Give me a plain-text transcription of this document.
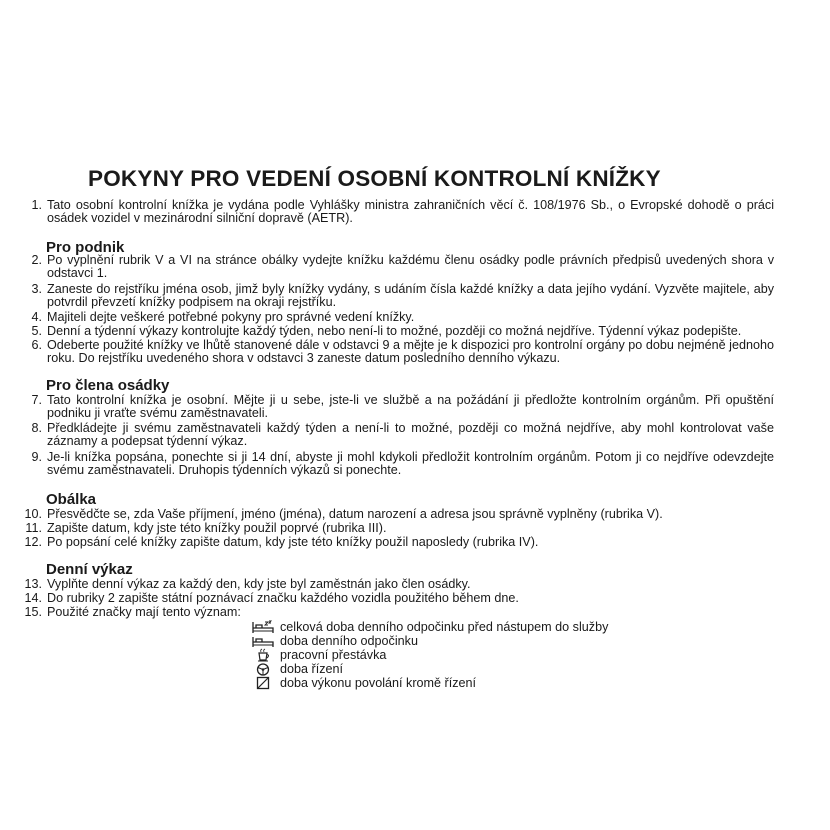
POKYNY PRO VEDENÍ OSOBNÍ KONTROLNÍ KNÍŽKY
1. Tato osobní kontrolní knížka je vydána podle Vyhlášky ministra zahraničních věcí č. 108/1976 Sb., o Evropské dohodě o práci osádek vozidel v mezinárodní silniční dopravě (AETR).
Pro podnik
2. Po vyplnění rubrik V a VI na stránce obálky vydejte knížku každému členu osádky podle právních předpisů uvedených shora v odstavci 1.
3. Zaneste do rejstříku jména osob, jimž byly knížky vydány, s udáním čísla každé knížky a data jejího vydání. Vyzvěte majitele, aby potvrdil převzetí knížky podpisem na okraji rejstříku.
4. Majiteli dejte veškeré potřebné pokyny pro správné vedení knížky.
5. Denní a týdenní výkazy kontrolujte každý týden, nebo není-li to možné, později co možná nejdříve. Týdenní výkaz podepište.
6. Odeberte použité knížky ve lhůtě stanovené dále v odstavci 9 a mějte je k dispozici pro kontrolní orgány po dobu nejméně jednoho roku. Do rejstříku uvedeného shora v odstavci 3 zaneste datum posledního denního výkazu.
Pro člena osádky
7. Tato kontrolní knížka je osobní. Mějte ji u sebe, jste-li ve službě a na požádání ji předložte kontrolním orgánům. Při opuštění podniku ji vraťte svému zaměstnavateli.
8. Předkládejte ji svému zaměstnavateli každý týden a není-li to možné, později co možná nejdříve, aby mohl kontrolovat vaše záznamy a podepsat týdenní výkaz.
9. Je-li knížka popsána, ponechte si ji 14 dní, abyste ji mohl kdykoli předložit kontrolním orgánům. Potom ji co nejdříve odevzdejte svému zaměstnavateli. Druhopis týdenních výkazů si ponechte.
Obálka
10. Přesvědčte se, zda Vaše příjmení, jméno (jména), datum narození a adresa jsou správně vyplněny (rubrika V).
11. Zapište datum, kdy jste této knížky použil poprvé (rubrika III).
12. Po popsání celé knížky zapište datum, kdy jste této knížky použil naposledy (rubrika IV).
Denní výkaz
13. Vyplňte denní výkaz za každý den, kdy jste byl zaměstnán jako člen osádky.
14. Do rubriky 2 zapište státní poznávací značku každého vozidla použitého během dne.
15. Použité značky mají tento význam:
celková doba denního odpočinku před nástupem do služby
doba denního odpočinku
pracovní přestávka
doba řízení
doba výkonu povolání kromě řízení
